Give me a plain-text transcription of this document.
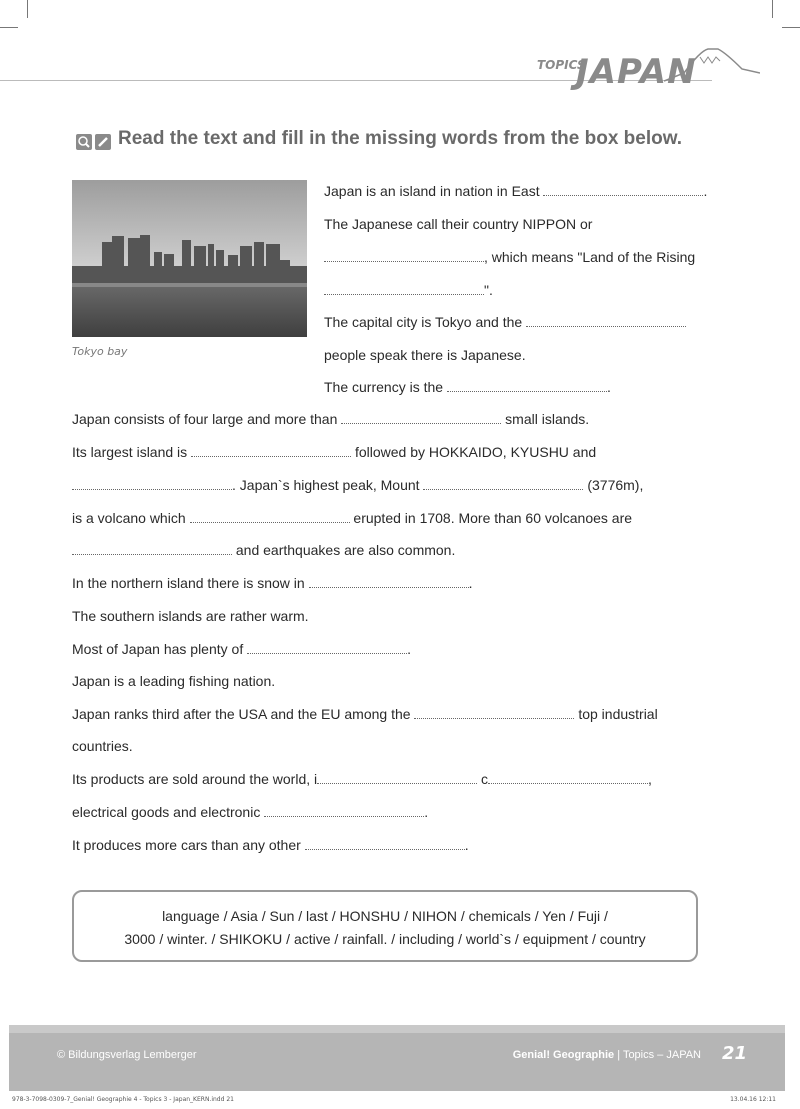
TOPICS
JAPAN
Read the text and fill in the missing words from the box below.
Tokyo bay
Japan is an island in nation in East	.
The Japanese call their country NIPPON or
, which means "Land of the Rising
".
The capital city is Tokyo and the
people speak there is Japanese.
The currency is the	.
Japan consists of four large and more than	small islands.
Its largest island is	followed by HOKKAIDO, KYUSHU and
. Japan`s highest peak, Mount	(3776m),
is a volcano which	erupted in 1708. More than 60 volcanoes are
and earthquakes are also common.
In the northern island there is snow in	.
The southern islands are rather warm.
Most of Japan has plenty of	.
Japan is a leading fishing nation.
Japan ranks third after the USA and the EU among the	top industrial
countries.
Its products are sold around the world, i	c	,
electrical goods and electronic	.
It produces more cars than any other	.
language / Asia / Sun / last / HONSHU / NIHON / chemicals / Yen / Fuji /
3000 / winter. / SHIKOKU / active / rainfall. / including / world`s / equipment / country
© Bildungsverlag Lemberger	Genial! Geographie | Topics – JAPAN 21
978-3-7098-0309-7_Genial! Geographie 4 - Topics 3 - Japan_KERN.indd 21	13.04.16 12:11
